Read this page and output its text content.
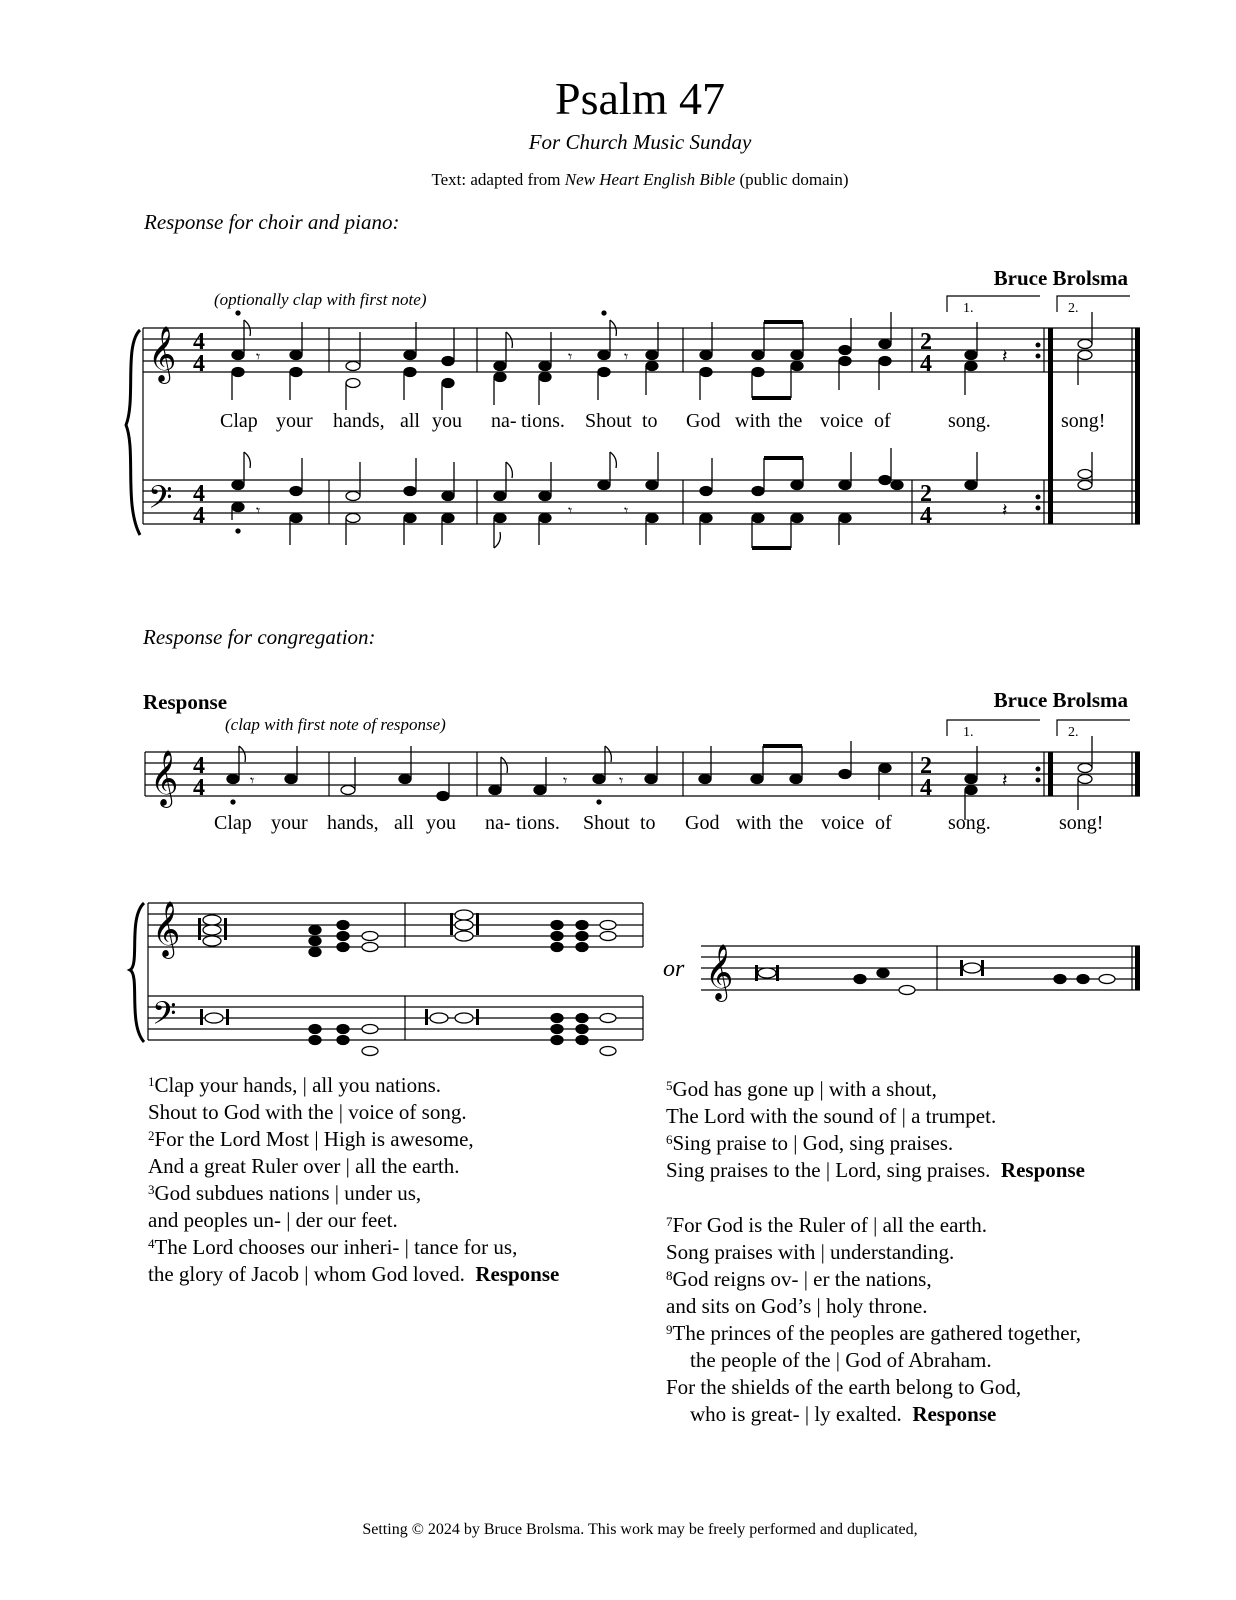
Psalm 47
For Church Music Sunday
Text: adapted from New Heart English Bible (public domain)
Response for choir and piano:
Bruce Brolsma
(optionally clap with first note)
𝄞
𝄢
4
4
4
4
2
4
2
4
1.	2.
𝄾	𝄾	𝄾	𝄽
𝄾	𝄾	𝄾	𝄽
Clap your hands, all you na- tions. Shout to God with the voice of	song.	song!
Response for congregation:
Response	Bruce Brolsma
(clap with first note of response)
𝄞 4
4
2
4
1.	2.
𝄾	𝄾	𝄾	𝄽
Clap your hands, all you na- tions. Shout to God with the voice of	song.	song!
𝄞
𝄢
𝄞
or
$^1$Clap your hands, | all you nations.
Shout to God with the | voice of song.
$^2$For the Lord Most | High is awesome,
And a great Ruler over | all the earth.
$^3$God subdues nations | under us,
and peoples un- | der our feet.
$^4$The Lord chooses our inheri- | tance for us,
the glory of Jacob | whom God loved. Response
$^5$God has gone up | with a shout,
The Lord with the sound of | a trumpet.
$^6$Sing praise to | God, sing praises.
Sing praises to the | Lord, sing praises. Response
$^7$For God is the Ruler of | all the earth.
Song praises with | understanding.
$^8$God reigns ov- | er the nations,
and sits on God’s | holy throne.
$^9$The princes of the peoples are gathered together,
the people of the | God of Abraham.
For the shields of the earth belong to God,
who is great- | ly exalted. Response
Setting © 2024 by Bruce Brolsma. This work may be freely performed and duplicated,
